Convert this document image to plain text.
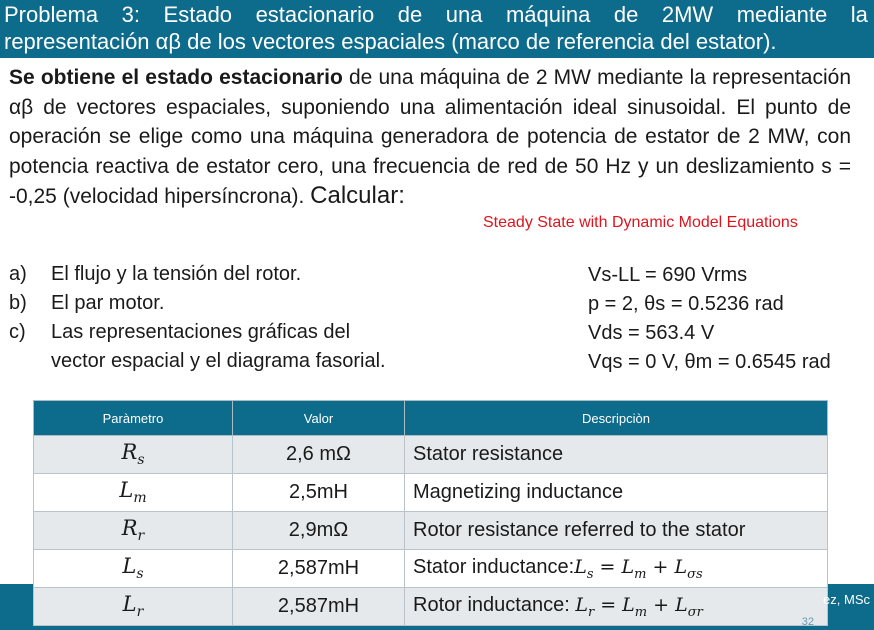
Problema 3: Estado estacionario de una máquina de 2MW mediante la
representación αβ de los vectores espaciales (marco de referencia del estator).
Se obtiene el estado estacionario de una máquina de 2 MW mediante la representación αβ de vectores espaciales, suponiendo una alimentación ideal sinusoidal. El punto de operación se elige como una máquina generadora de potencia de estator de 2 MW, con potencia reactiva de estator cero, una frecuencia de red de 50 Hz y un deslizamiento s = -0,25 (velocidad hipersíncrona). Calcular:
Steady State with Dynamic Model Equations
a) El flujo y la tensión del rotor.
b) El par motor.
c) Las representaciones gráficas del
vector espacial y el diagrama fasorial.
Vs-LL = 690 Vrms
p = 2, θs = 0.5236 rad
Vds = 563.4 V
Vqs = 0 V, θm = 0.6545 rad
Paràmetro	Valor	Descripciòn
$R_s$	2,6 mΩ	Stator resistance
$L_m$	2,5mH	Magnetizing inductance
$R_r$	2,9mΩ	Rotor resistance referred to the stator
$L_s$	2,587mH	Stator $inductance:L_s = L_m + L_{\sigma s}$
$L_r$	2,587mH	Rotor inductance: $L_r = L_m + L_{\sigma r}$
ez, MSc
32
